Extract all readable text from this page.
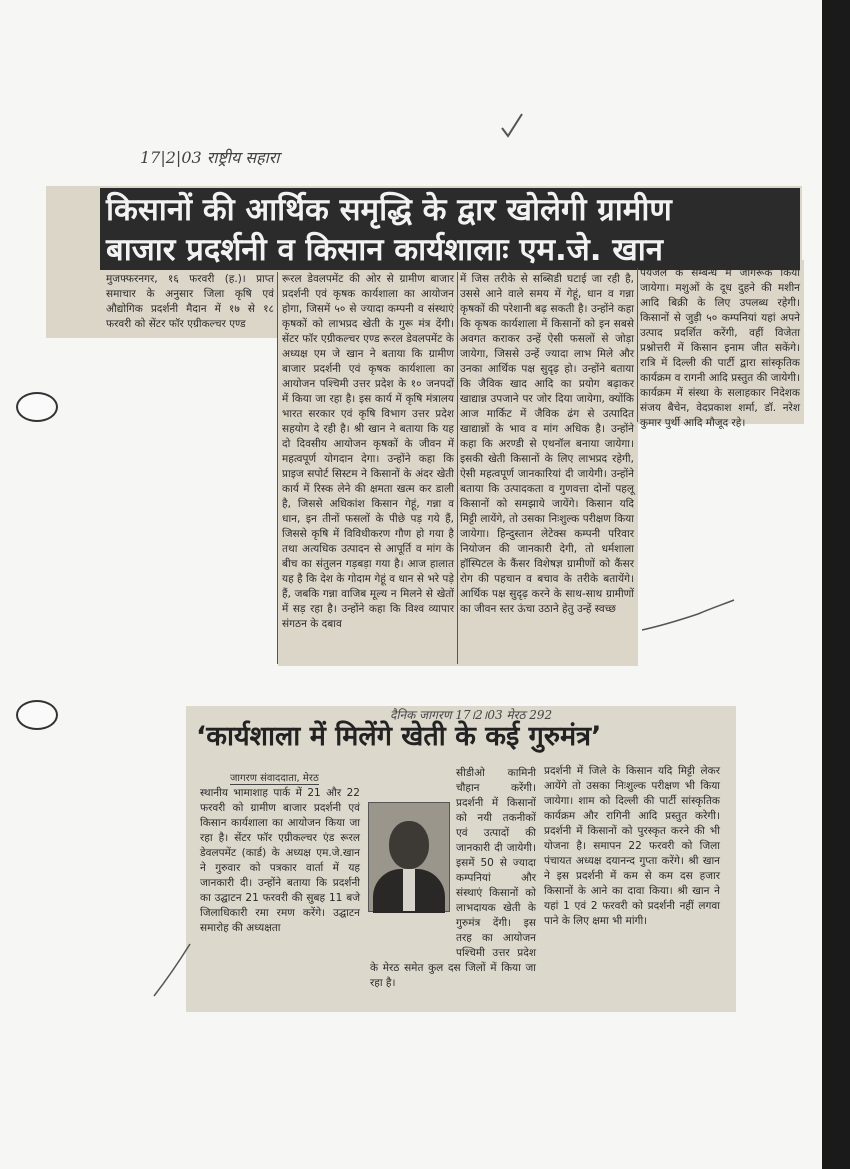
17|2|03 राष्ट्रीय सहारा
किसानों की आर्थिक समृद्धि के द्वार खोलेगी ग्रामीण
बाजार प्रदर्शनी व किसान कार्यशालाः एम.जे. खान
मुजफ्फरनगर, १६ फरवरी (ह.)। प्राप्त समाचार के अनुसार जिला कृषि एवं औद्योगिक प्रदर्शनी मैदान में १७ से १८ फरवरी को सेंटर फॉर एग्रीकल्चर एण्ड
रूरल डेवलपमेंट की ओर से ग्रामीण बाजार प्रदर्शनी एवं कृषक कार्यशाला का आयोजन होगा, जिसमें ५० से ज्यादा कम्पनी व संस्थाएं कृषकों को लाभप्रद खेती के गुरू मंत्र देंगी। सेंटर फॉर एग्रीकल्चर एण्ड रूरल डेवलपमेंट के अध्यक्ष एम जे खान ने बताया कि ग्रामीण बाजार प्रदर्शनी एवं कृषक कार्यशाला का आयोजन पश्चिमी उत्तर प्रदेश के १० जनपदों में किया जा रहा है। इस कार्य में कृषि मंत्रालय भारत सरकार एवं कृषि विभाग उत्तर प्रदेश सहयोग दे रही है। श्री खान ने बताया कि यह दो दिवसीय आयोजन कृषकों के जीवन में महत्वपूर्ण योगदान देगा। उन्होंने कहा कि प्राइज सपोर्ट सिस्टम ने किसानों के अंदर खेती कार्य में रिस्क लेने की क्षमता खत्म कर डाली है, जिससे अधिकांश किसान गेहूं, गन्ना व धान, इन तीनों फसलों के पीछे पड़ गये हैं, जिससे कृषि में विविधीकरण गौण हो गया है तथा अत्यधिक उत्पादन से आपूर्ति व मांग के बीच का संतुलन गड़बड़ा गया है। आज हालात यह है कि देश के गोदाम गेहूं व धान से भरे पड़े हैं, जबकि गन्ना वाजिब मूल्य न मिलने से खेतों में सड़ रहा है। उन्होंने कहा कि विश्व व्यापार संगठन के दबाव
में जिस तरीके से सब्सिडी घटाई जा रही है, उससे आने वाले समय में गेहूं, धान व गन्ना कृषकों की परेशानी बढ़ सकती है। उन्होंने कहा कि कृषक कार्यशाला में किसानों को इन सबसे अवगत कराकर उन्हें ऐसी फसलों से जोड़ा जायेगा, जिससे उन्हें ज्यादा लाभ मिले और उनका आर्थिक पक्ष सुदृढ़ हो। उन्होंने बताया कि जैविक खाद आदि का प्रयोग बढ़ाकर खाद्यान्न उपजाने पर जोर दिया जायेगा, क्योंकि आज मार्किट में जैविक ढंग से उत्पादित खाद्यान्नों के भाव व मांग अधिक है। उन्होंने कहा कि अरण्डी से एथनॉल बनाया जायेगा। इसकी खेती किसानों के लिए लाभप्रद रहेगी, ऐसी महत्वपूर्ण जानकारियां दी जायेगी। उन्होंने बताया कि उत्पादकता व गुणवत्ता दोनों पहलू किसानों को समझाये जायेंगे। किसान यदि मिट्टी लायेंगे, तो उसका निःशुल्क परीक्षण किया जायेगा। हिन्दुस्तान लेटेक्स कम्पनी परिवार नियोजन की जानकारी देगी, तो धर्मशाला हॉस्पिटल के कैंसर विशेषज्ञ ग्रामीणों को कैंसर रोग की पहचान व बचाव के तरीके बतायेंगे। आर्थिक पक्ष सुदृढ़ करने के साथ-साथ ग्रामीणों का जीवन स्तर ऊंचा उठाने हेतु उन्हें स्वच्छ
पेयजल के सम्बन्ध में जागरूक किया जायेगा। मशुओं के दूध दुहने की मशीन आदि बिक्री के लिए उपलब्ध रहेगी। किसानों से जुड़ी ५० कम्पनियां यहां अपने उत्पाद प्रदर्शित करेंगी, वहीं विजेता प्रश्नोत्तरी में किसान इनाम जीत सकेंगे। रात्रि में दिल्ली की पार्टी द्वारा सांस्कृतिक कार्यक्रम व रागनी आदि प्रस्तुत की जायेगी। कार्यक्रम में संस्था के सलाहकार निदेशक संजय बैचेन, वेदप्रकाश शर्मा, डॉ. नरेश कुमार पुर्थी आदि मौजूद रहे।
दैनिक जागरण 17।2।03 मेरठ 292
‘कार्यशाला में मिलेंगे खेती के कई गुरुमंत्र’
जागरण संवाददाता, मेरठ
स्थानीय भामाशाह पार्क में 21 और 22 फरवरी को ग्रामीण बाजार प्रदर्शनी एवं किसान कार्यशाला का आयोजन किया जा रहा है। सेंटर फॉर एग्रीकल्चर एंड रूरल डेवलपमेंट (कार्ड) के अध्यक्ष एम.जे.खान ने गुरुवार को पत्रकार वार्ता में यह जानकारी दी। उन्होंने बताया कि प्रदर्शनी का उद्घाटन 21 फरवरी की सुबह 11 बजे जिलाधिकारी रमा रमण करेंगे। उद्घाटन समारोह की अध्यक्षता
सीडीओ कामिनी चौहान करेंगी। प्रदर्शनी में किसानों को नयी तकनीकों एवं उत्पादों की जानकारी दी जायेगी। इसमें 50 से ज्यादा कम्पनियां और संस्थाएं किसानों को लाभदायक खेती के गुरुमंत्र देंगी। इस तरह का आयोजन पश्चिमी उत्तर प्रदेश के मेरठ समेत कुल दस जिलों में किया जा रहा है।
प्रदर्शनी में जिले के किसान यदि मिट्टी लेकर आयेंगे तो उसका निःशुल्क परीक्षण भी किया जायेगा। शाम को दिल्ली की पार्टी सांस्कृतिक कार्यक्रम और रागिनी आदि प्रस्तुत करेगी। प्रदर्शनी में किसानों को पुरस्कृत करने की भी योजना है। समापन 22 फरवरी को जिला पंचायत अध्यक्ष दयानन्द गुप्ता करेंगे। श्री खान ने इस प्रदर्शनी में कम से कम दस हजार किसानों के आने का दावा किया। श्री खान ने यहां 1 एवं 2 फरवरी को प्रदर्शनी नहीं लगवा पाने के लिए क्षमा भी मांगी।
